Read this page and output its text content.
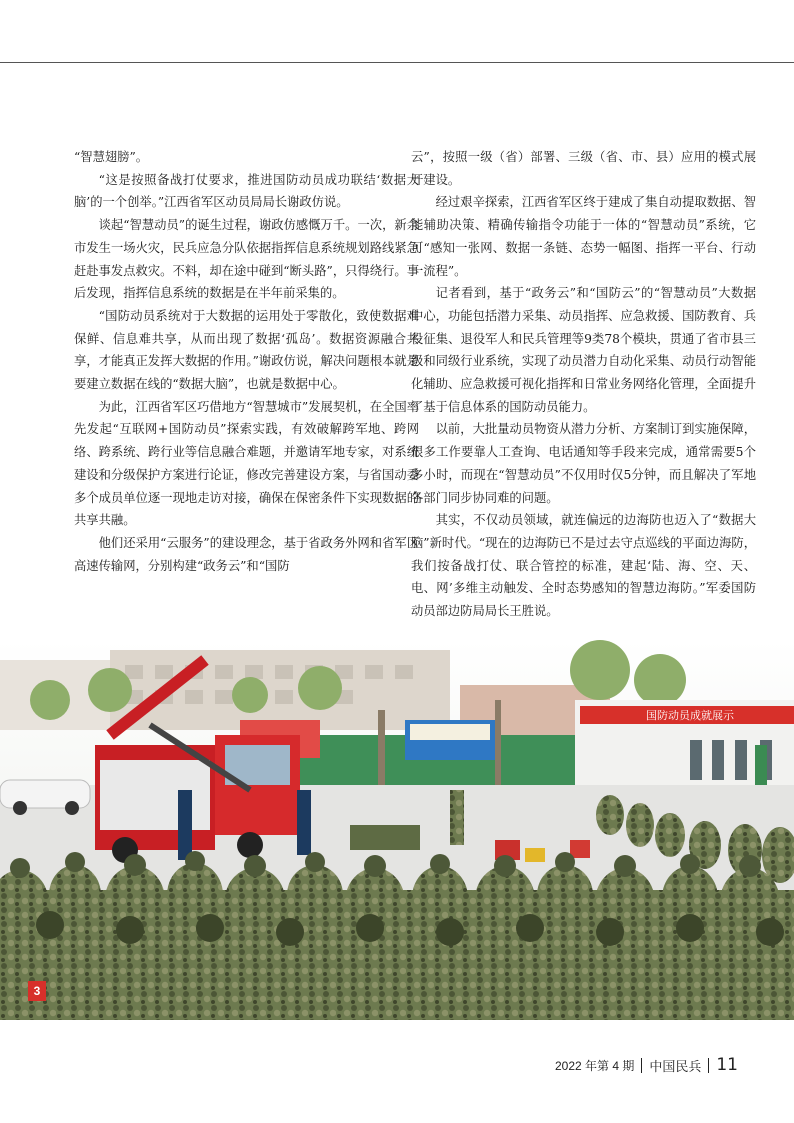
“智慧翅膀”。

“这是按照备战打仗要求，推进国防动员成功联结‘数据大脑’的一个创举。”江西省军区动员局局长谢政仿说。

谈起“智慧动员”的诞生过程，谢政仿感慨万千。一次，新余市发生一场火灾，民兵应急分队依据指挥信息系统规划路线紧急赶赴事发点救灾。不料，却在途中碰到“断头路”，只得绕行。事后发现，指挥信息系统的数据是在半年前采集的。

“国防动员系统对于大数据的运用处于零散化，致使数据难保鲜、信息难共享，从而出现了数据‘孤岛’。数据资源融合共享，才能真正发挥大数据的作用。”谢政仿说，解决问题根本就是要建立数据在线的“数据大脑”，也就是数据中心。

为此，江西省军区巧借地方“智慧城市”发展契机，在全国率先发起“互联网+国防动员”探索实践，有效破解跨军地、跨网络、跨系统、跨行业等信息融合难题，并邀请军地专家，对系统建设和分级保护方案进行论证，修改完善建设方案，与省国动委多个成员单位逐一现地走访对接，确保在保密条件下实现数据的共享共融。

他们还采用“云服务”的建设理念，基于省政务外网和省军区高速传输网，分别构建“政务云”和“国防

云”，按照一级（省）部署、三级（省、市、县）应用的模式展开建设。

经过艰辛探索，江西省军区终于建成了集自动提取数据、智能辅助决策、精确传输指令功能于一体的“智慧动员”系统，它可“感知一张网、数据一条链、态势一幅图、指挥一平台、行动一流程”。

记者看到，基于“政务云”和“国防云”的“智慧动员”大数据中心，功能包括潜力采集、动员指挥、应急救援、国防教育、兵役征集、退役军人和民兵管理等9类78个模块，贯通了省市县三级和同级行业系统，实现了动员潜力自动化采集、动员行动智能化辅助、应急救援可视化指挥和日常业务网络化管理，全面提升了基于信息体系的国防动员能力。

以前，大批量动员物资从潜力分析、方案制订到实施保障，很多工作要靠人工查询、电话通知等手段来完成，通常需要5个多小时，而现在“智慧动员”不仅用时仅5分钟，而且解决了军地各部门同步协同难的问题。

其实，不仅动员领域，就连偏远的边海防也迈入了“数据大脑”新时代。“现在的边海防已不是过去守点巡线的平面边海防，我们按备战打仗、联合管控的标准，建起‘陆、海、空、天、电、网’多维主动触发、全时态势感知的智慧边海防。”军委国防动员部边防局局长王胜说。

国防动员成就展示
3
2022 年第 4 期 中国民兵 11
